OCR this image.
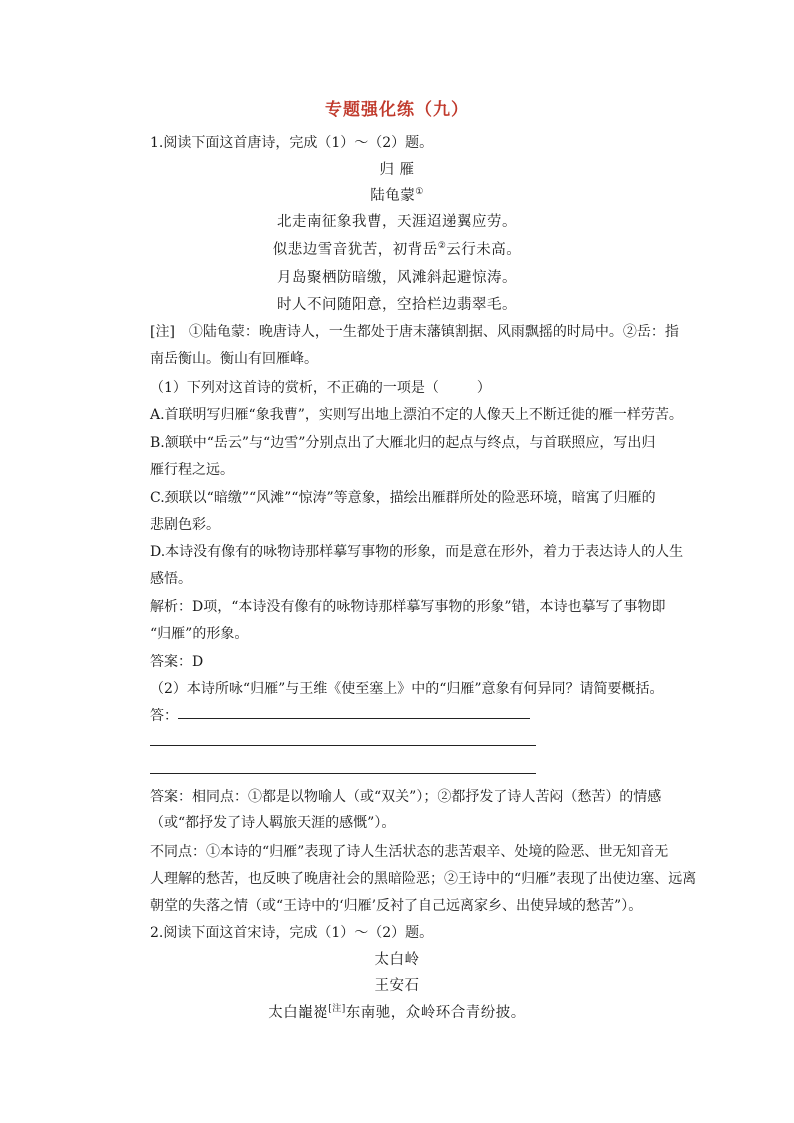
专题强化练（九）
1.阅读下面这首唐诗，完成（1）～（2）题。
归 雁
陆龟蒙①
北走南征象我曹，天涯迢递翼应劳。
似悲边雪音犹苦，初背岳②云行未高。
月岛聚栖防暗缴，风滩斜起避惊涛。
时人不问随阳意，空拾栏边翡翠毛。
[注]　①陆龟蒙：晚唐诗人，一生都处于唐末藩镇割据、风雨飘摇的时局中。②岳：指
南岳衡山。衡山有回雁峰。
（1）下列对这首诗的赏析，不正确的一项是（	）
A.首联明写归雁“象我曹”，实则写出地上漂泊不定的人像天上不断迁徙的雁一样劳苦。
B.颔联中“岳云”与“边雪”分别点出了大雁北归的起点与终点，与首联照应，写出归
雁行程之远。
C.颈联以“暗缴”“风滩”“惊涛”等意象，描绘出雁群所处的险恶环境，暗寓了归雁的
悲剧色彩。
D.本诗没有像有的咏物诗那样摹写事物的形象，而是意在形外，着力于表达诗人的人生
感悟。
解析：D项，“本诗没有像有的咏物诗那样摹写事物的形象”错，本诗也摹写了事物即
“归雁”的形象。
答案：D
（2）本诗所咏“归雁”与王维《使至塞上》中的“归雁”意象有何异同？请简要概括。
答：
答案：相同点：①都是以物喻人（或“双关”）；②都抒发了诗人苦闷（愁苦）的情感
（或“都抒发了诗人羁旅天涯的感慨”）。
不同点：①本诗的“归雁”表现了诗人生活状态的悲苦艰辛、处境的险恶、世无知音无
人理解的愁苦，也反映了晚唐社会的黑暗险恶；②王诗中的“归雁”表现了出使边塞、远离
朝堂的失落之情（或“王诗中的‘归雁’反衬了自己远离家乡、出使异域的愁苦”）。
2.阅读下面这首宋诗，完成（1）～（2）题。
太白岭
王安石
太白巃嵸[注]东南驰，众岭环合青纷披。
